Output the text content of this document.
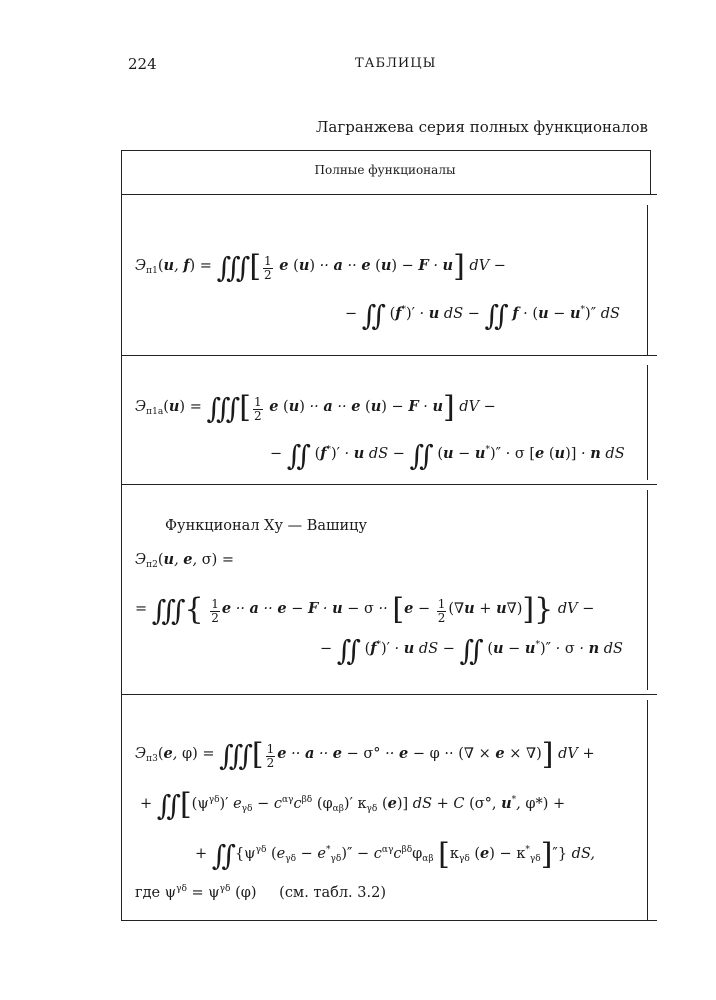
224	ТАБЛИЦЫ
Лагранжева серия полных функционалов
Полные функционалы
$Э_{п1}(u$, f) = ∫∫∫ [ $\frac{1}{2}$ e (u) ·· a ·· e (u) − F · u] dV −
− ∫∫ (f*)′ · u dS − ∫∫ f · (u − u*)″ dS
$Э_{п1а}(u)$ = ∫∫∫ [ $\frac{1}{2}$ e (u) ·· a ·· e (u) − F · u] dV −
− ∫∫ (f*)′ · u dS − ∫∫ (u − u*)″ · σ [e (u)] · n dS
Функционал Ху — Вашицу
$Э_{п2}(u$, e, σ) =
= ∫∫∫ { $\frac{1}{2}$ $e \cdot\cdot a \cdot\cdot e - F \cdot u - \sigma \cdot\cdot [e - \frac{1}{2} (\nabla u + u\nabla)]$} dV −
− ∫∫ (f*)′ · u dS − ∫∫ (u − u*)″ · σ · n dS
$Э_{п3}(e$, φ) = ∫∫∫ [ $\frac{1}{2}$ e ·· a ·· e − σ° ·· e − φ ·· (∇ × e × ∇)] dV +
+ ∫∫ [$(\psi^{\gamma\delta})'$ $e_{\gamma\delta} - c^{\alpha\gamma}c^{\beta\delta}$ $(\varphi_{\alpha\beta})'$ $\kappa_{\gamma\delta}$ (e)] dS + C (σ°, u*, φ*) +
+ ∫∫ {$\psi^{\gamma\delta}$ $(e_{\gamma\delta} - e^*_{\gamma\delta})'' - c^{\alpha\gamma}c^{\beta\delta}\varphi_{\alpha\beta}$ [$\kappa_{\gamma\delta}$ $(e) - \kappa^*_{\gamma\delta}]''$} dS,
где $\psi^{\gamma\delta} = \psi^{\gamma\delta}$ (φ) (см. табл. 3.2)
